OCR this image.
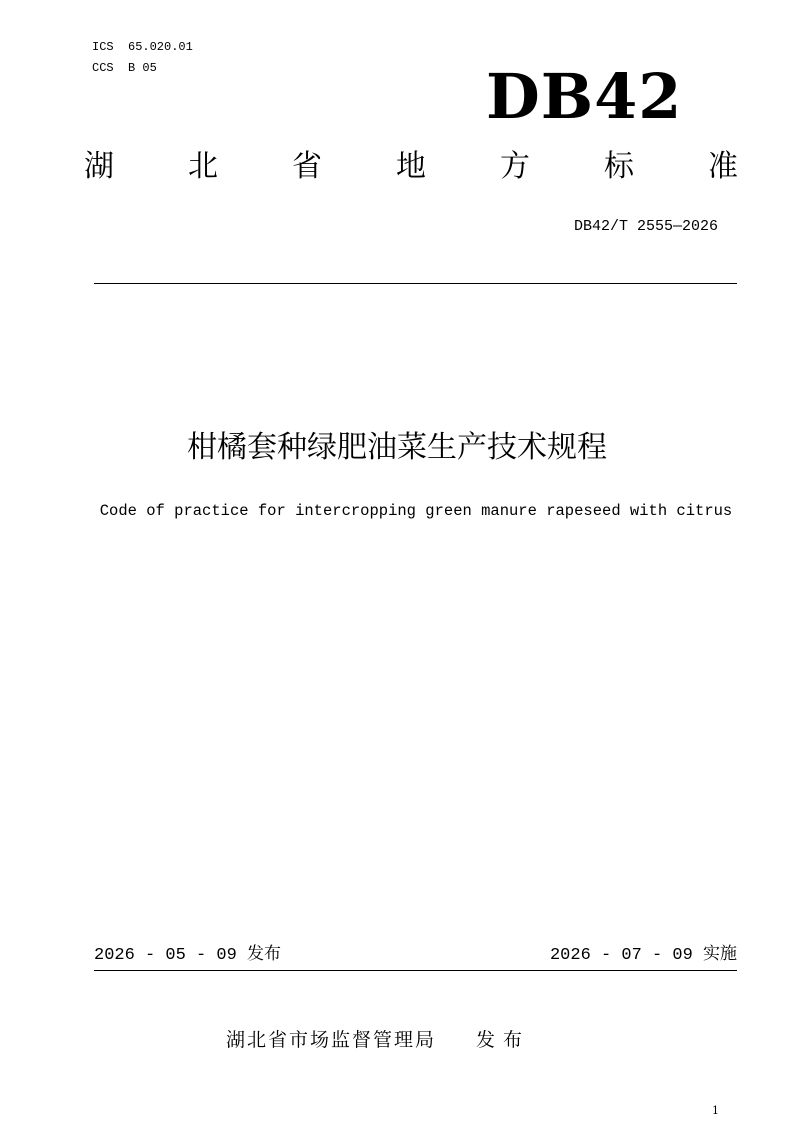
ICS  65.020.01
CCS  B 05	DB42
湖 北 省 地 方 标 准
DB42/T 2555—2026
柑橘套种绿肥油菜生产技术规程
Code of practice for intercropping green manure rapeseed with citrus
2026 - 05 - 09 发布	2026 - 07 - 09 实施
湖北省市场监督管理局 发布
1
